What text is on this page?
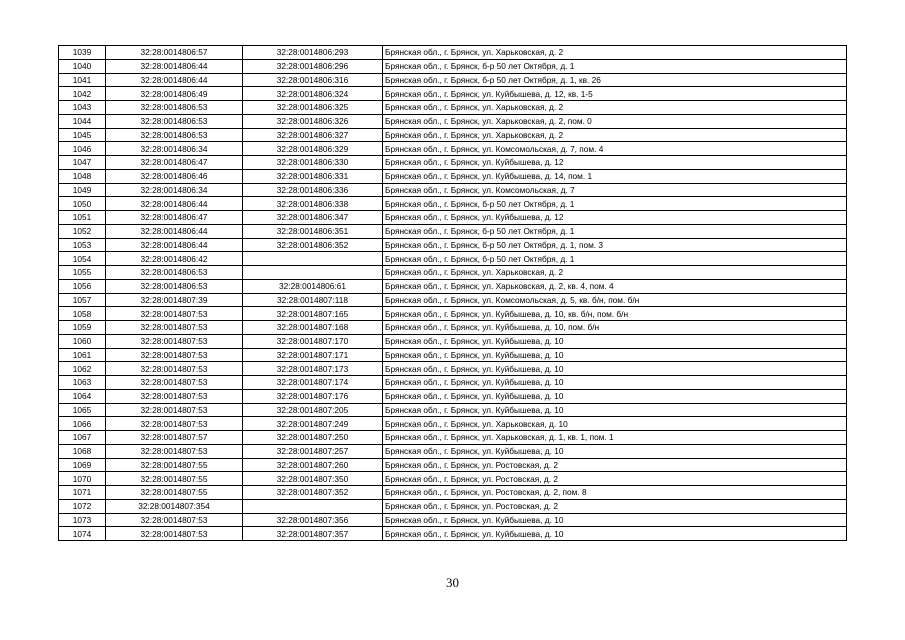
1039	32:28:0014806:57	32:28:0014806:293	Брянская обл., г. Брянск, ул. Харьковская, д. 2
1040	32:28:0014806:44	32:28:0014806:296	Брянская обл., г. Брянск, б-р 50 лет Октября, д. 1
1041	32:28:0014806:44	32:28:0014806:316	Брянская обл., г. Брянск, б-р 50 лет Октября, д. 1, кв. 26
1042	32:28:0014806:49	32:28:0014806:324	Брянская обл., г. Брянск, ул. Куйбышева, д. 12, кв. 1-5
1043	32:28:0014806:53	32:28:0014806:325	Брянская обл., г. Брянск, ул. Харьковская, д. 2
1044	32:28:0014806:53	32:28:0014806:326	Брянская обл., г. Брянск, ул. Харьковская, д. 2, пом. 0
1045	32:28:0014806:53	32:28:0014806:327	Брянская обл., г. Брянск, ул. Харьковская, д. 2
1046	32:28:0014806:34	32:28:0014806:329	Брянская обл., г. Брянск, ул. Комсомольская, д. 7, пом. 4
1047	32:28:0014806:47	32:28:0014806:330	Брянская обл., г. Брянск, ул. Куйбышева, д. 12
1048	32:28:0014806:46	32:28:0014806:331	Брянская обл., г. Брянск, ул. Куйбышева, д. 14, пом. 1
1049	32:28:0014806:34	32:28:0014806:336	Брянская обл., г. Брянск, ул. Комсомольская, д. 7
1050	32:28:0014806:44	32:28:0014806:338	Брянская обл., г. Брянск, б-р 50 лет Октября, д. 1
1051	32:28:0014806:47	32:28:0014806:347	Брянская обл., г. Брянск, ул. Куйбышева, д. 12
1052	32:28:0014806:44	32:28:0014806:351	Брянская обл., г. Брянск, б-р 50 лет Октября, д. 1
1053	32:28:0014806:44	32:28:0014806:352	Брянская обл., г. Брянск, б-р 50 лет Октября, д. 1, пом. 3
1054	32:28:0014806:42		Брянская обл., г. Брянск, б-р 50 лет Октября, д. 1
1055	32:28:0014806:53		Брянская обл., г. Брянск, ул. Харьковская, д. 2
1056	32:28:0014806:53	32:28:0014806:61	Брянская обл., г. Брянск, ул. Харьковская, д. 2, кв. 4, пом. 4
1057	32:28:0014807:39	32:28:0014807:118	Брянская обл., г. Брянск, ул. Комсомольская, д. 5, кв. б/н, пом. б/н
1058	32:28:0014807:53	32:28:0014807:165	Брянская обл., г. Брянск, ул. Куйбышева, д. 10, кв. б/н, пом. б/н
1059	32:28:0014807:53	32:28:0014807:168	Брянская обл., г. Брянск, ул. Куйбышева, д. 10, пом. б/н
1060	32:28:0014807:53	32:28:0014807:170	Брянская обл., г. Брянск, ул. Куйбышева, д. 10
1061	32:28:0014807:53	32:28:0014807:171	Брянская обл., г. Брянск, ул. Куйбышева, д. 10
1062	32:28:0014807:53	32:28:0014807:173	Брянская обл., г. Брянск, ул. Куйбышева, д. 10
1063	32:28:0014807:53	32:28:0014807:174	Брянская обл., г. Брянск, ул. Куйбышева, д. 10
1064	32:28:0014807:53	32:28:0014807:176	Брянская обл., г. Брянск, ул. Куйбышева, д. 10
1065	32:28:0014807:53	32:28:0014807:205	Брянская обл., г. Брянск, ул. Куйбышева, д. 10
1066	32:28:0014807:53	32:28:0014807:249	Брянская обл., г. Брянск, ул. Харьковская, д. 10
1067	32:28:0014807:57	32:28:0014807:250	Брянская обл., г. Брянск, ул. Харьковская, д. 1, кв. 1, пом. 1
1068	32:28:0014807:53	32:28:0014807:257	Брянская обл., г. Брянск, ул. Куйбышева, д. 10
1069	32:28:0014807:55	32:28:0014807:260	Брянская обл., г. Брянск, ул. Ростовская, д. 2
1070	32:28:0014807:55	32:28:0014807:350	Брянская обл., г. Брянск, ул. Ростовская, д. 2
1071	32:28:0014807:55	32:28:0014807:352	Брянская обл., г. Брянск, ул. Ростовская, д. 2, пом. 8
1072	32:28:0014807:354		Брянская обл., г. Брянск, ул. Ростовская, д. 2
1073	32:28:0014807:53	32:28:0014807:356	Брянская обл., г. Брянск, ул. Куйбышева, д. 10
1074	32:28:0014807:53	32:28:0014807:357	Брянская обл., г. Брянск, ул. Куйбышева, д. 10
30
